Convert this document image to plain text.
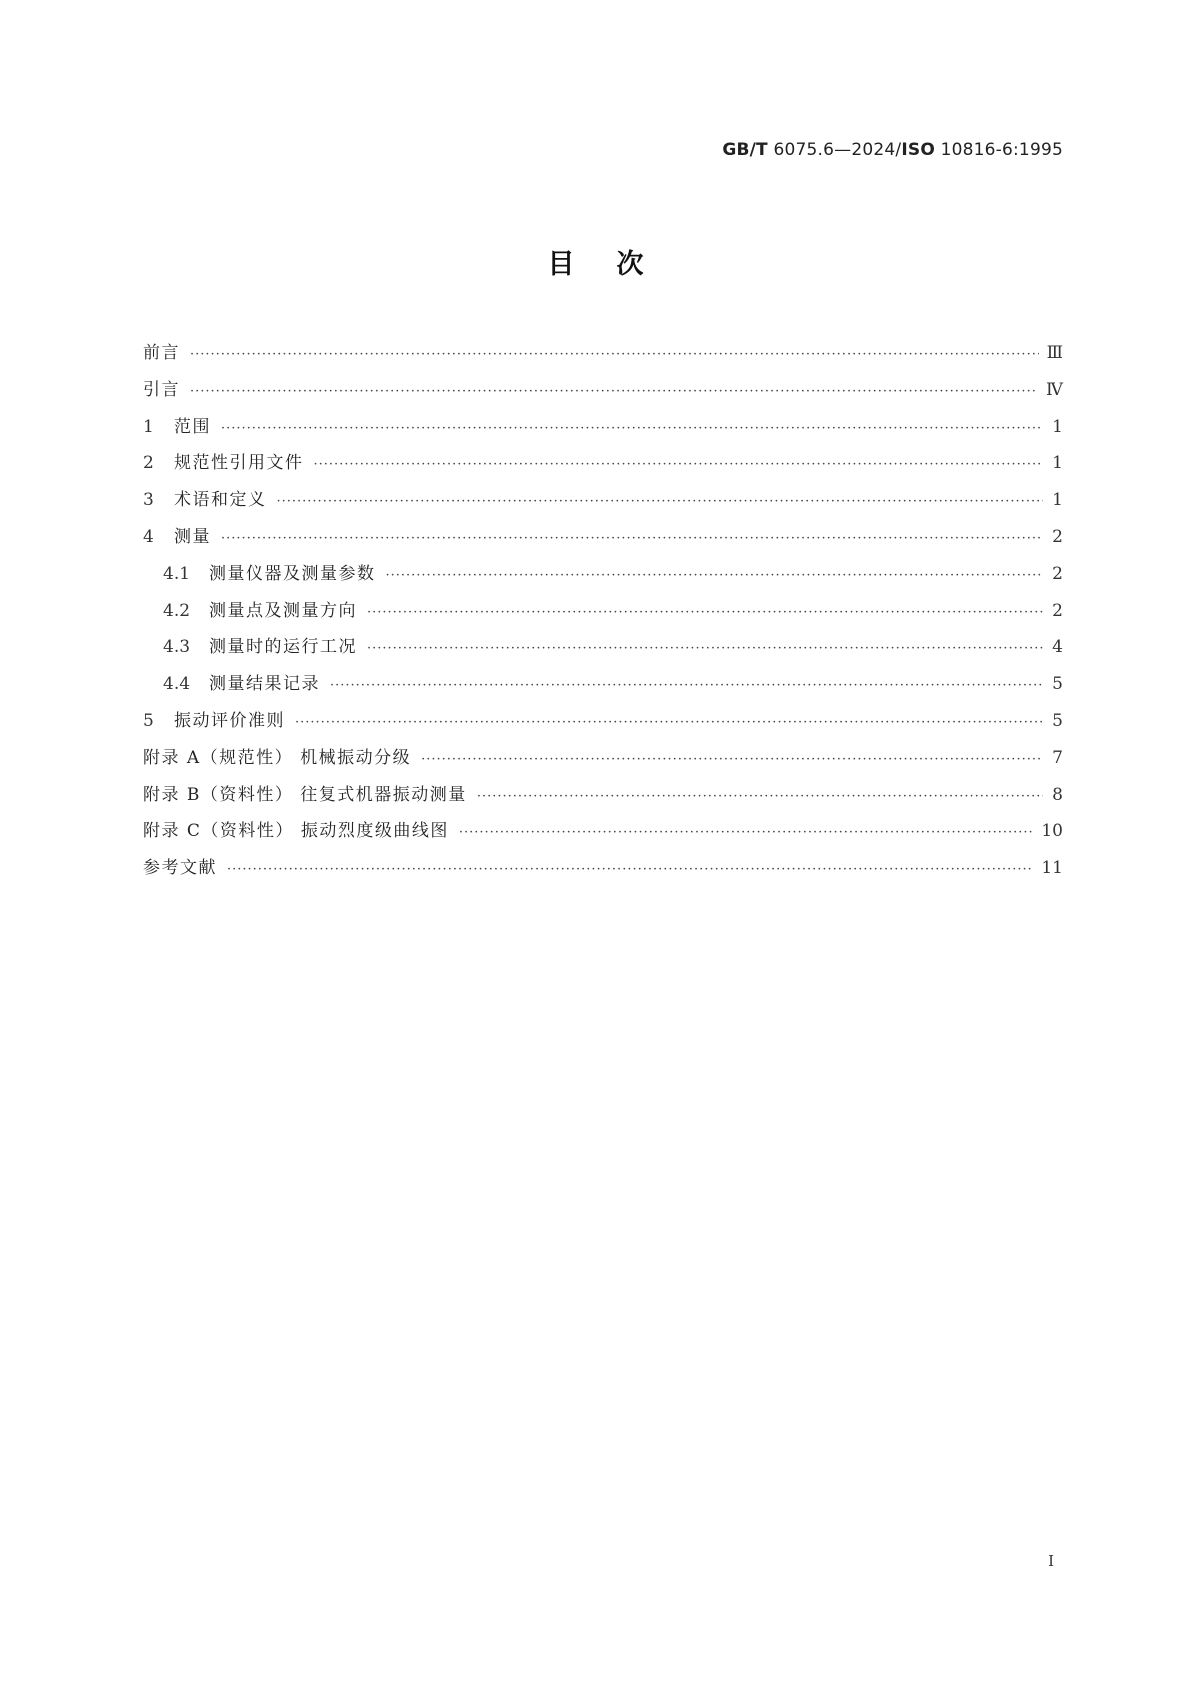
GB/T 6075.6—2024/ISO 10816-6:1995
目次
前言 ·····	Ⅲ
引言 ·····	Ⅳ
1	范围 ·····	1
2	规范性引用文件 ·····	1
3	术语和定义 ·····	1
4	测量 ·····	2
4.1	测量仪器及测量参数 ·····	2
4.2	测量点及测量方向 ·····	2
4.3	测量时的运行工况 ·····	4
4.4	测量结果记录 ·····	5
5	振动评价准则 ·····	5
附录 A（规范性） 机械振动分级 ·····	7
附录 B（资料性） 往复式机器振动测量 ·····	8
附录 C（资料性） 振动烈度级曲线图 ·····	10
参考文献 ·····	11
Ⅰ
